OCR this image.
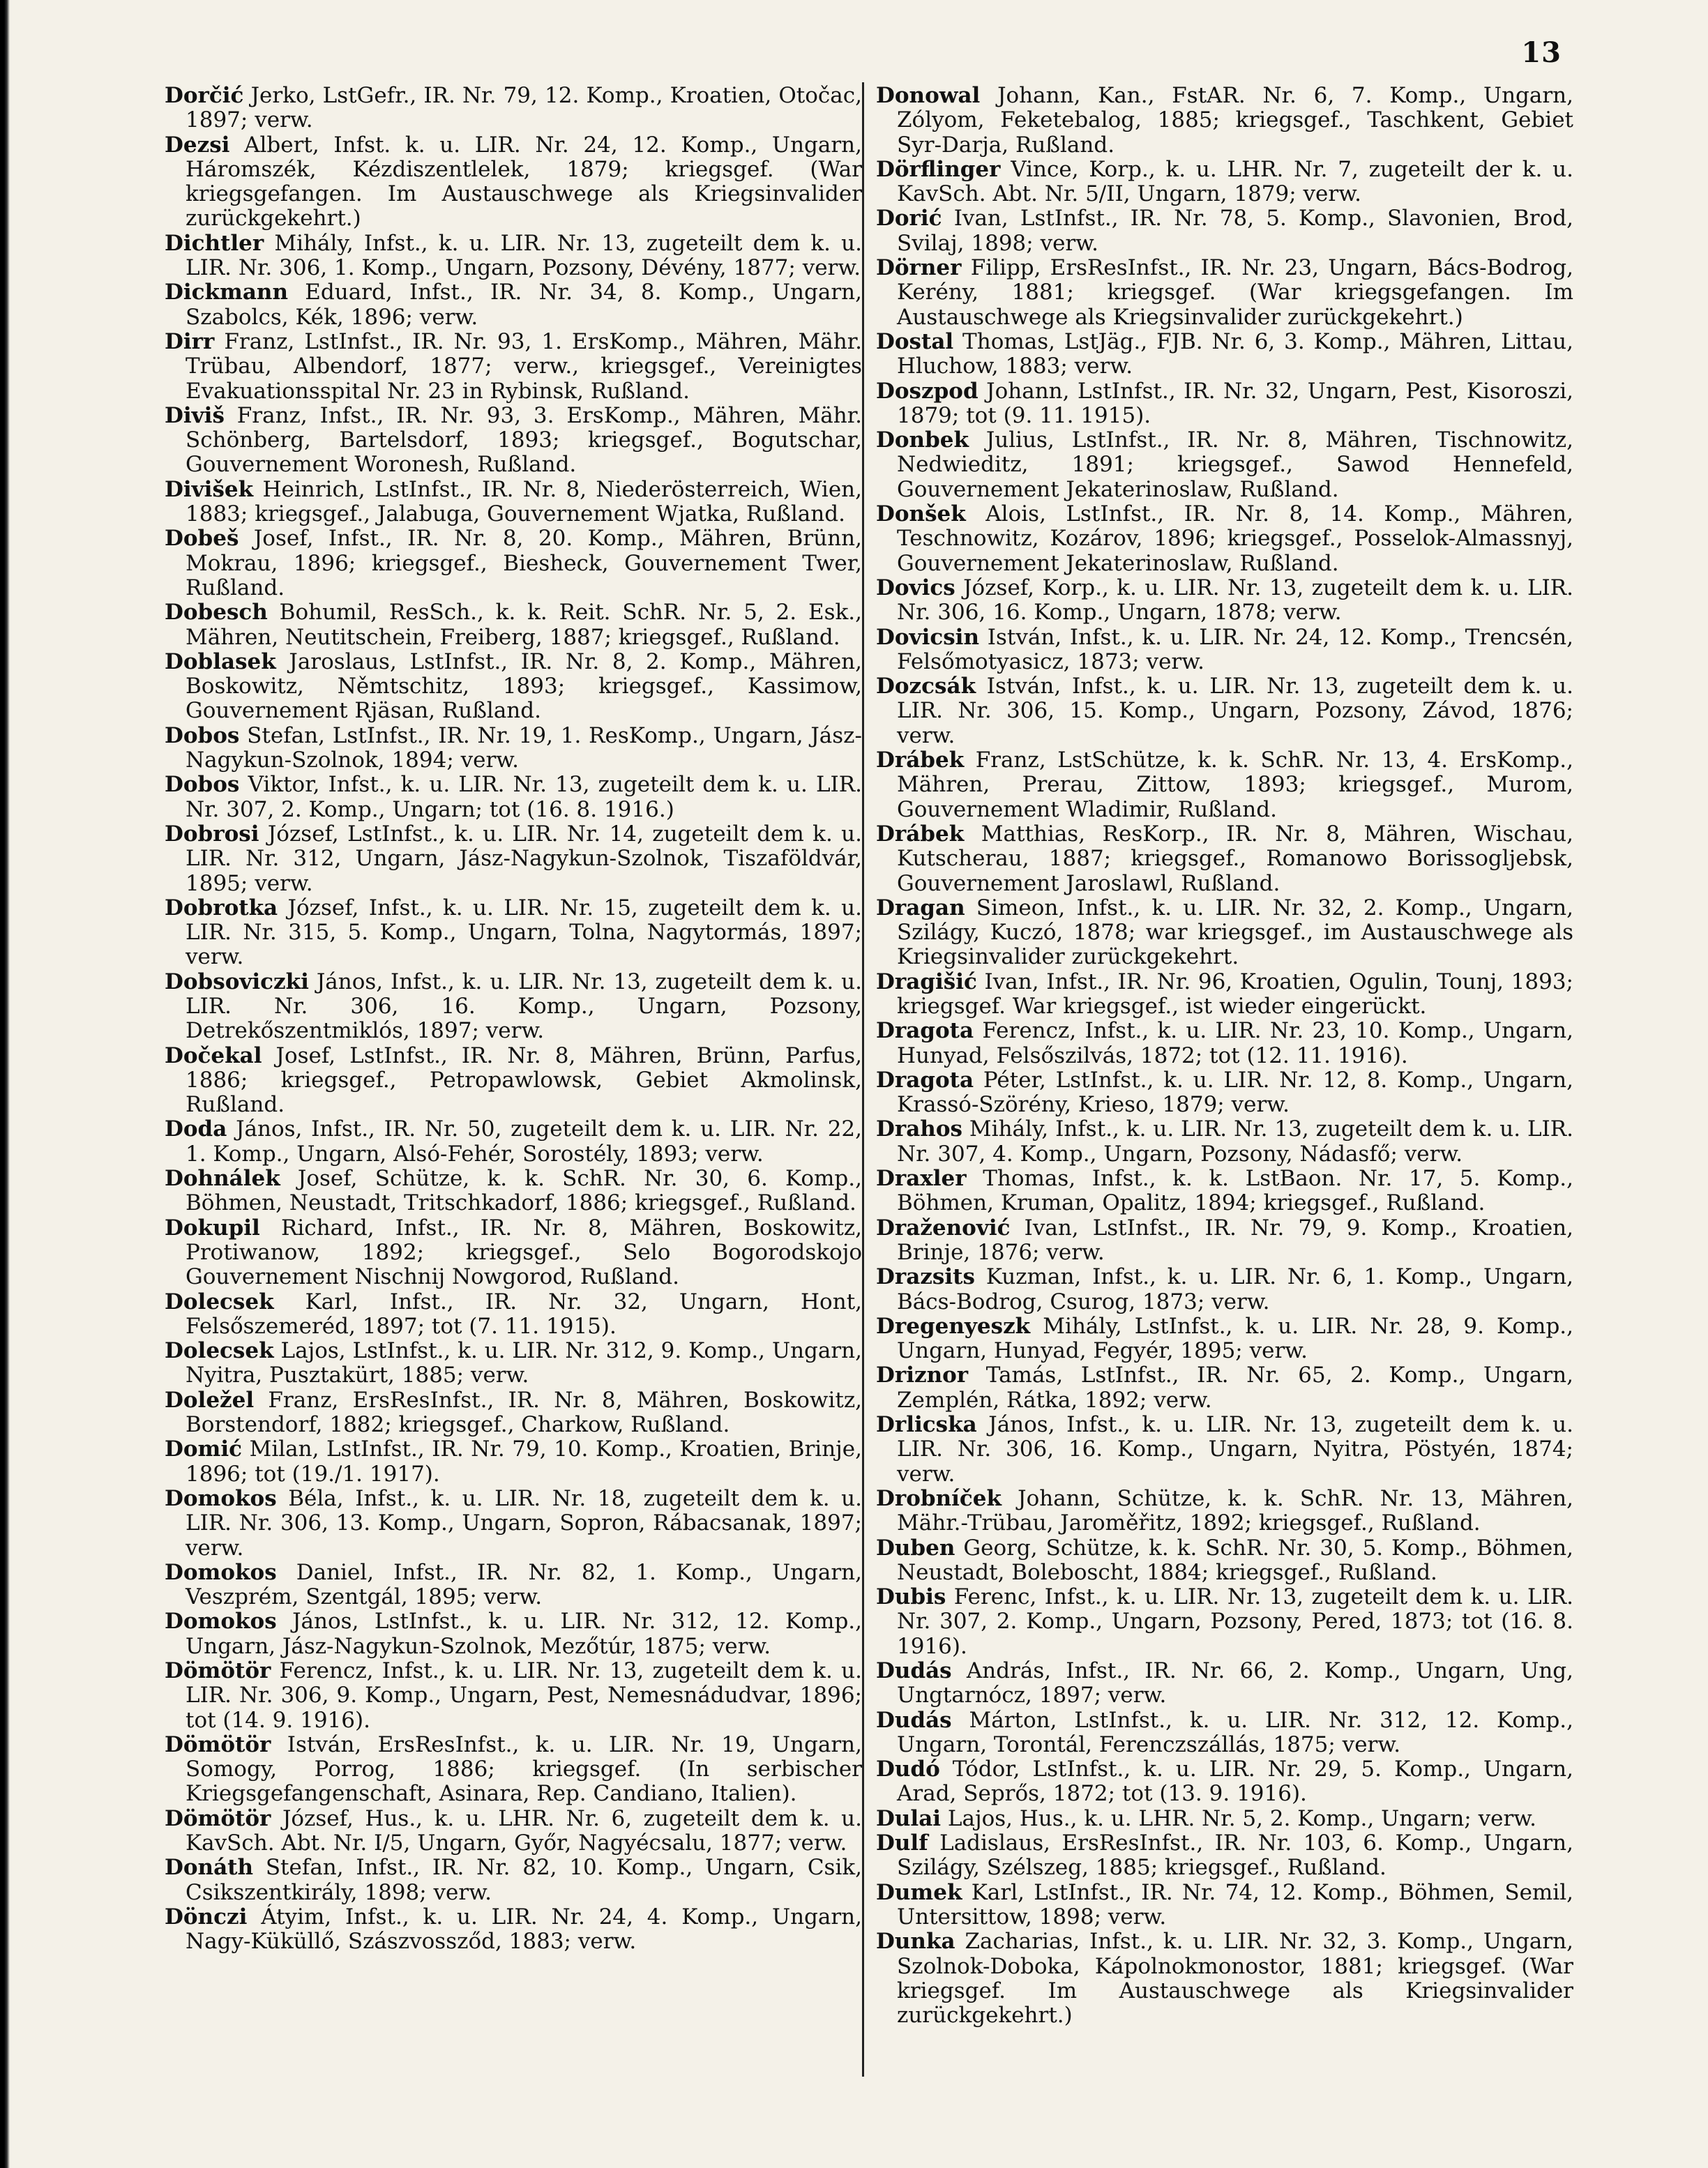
13
Dorčić Jerko, LstGefr., IR. Nr. 79, 12. Komp., Kroatien, Otočac, 1897; verw.
Dezsi Albert, Infst. k. u. LIR. Nr. 24, 12. Komp., Ungarn, Háromszék, Kézdiszentlelek, 1879; kriegsgef. (War kriegsgefangen. Im Austauschwege als Kriegsinvalider zurückgekehrt.)
Dichtler Mihály, Infst., k. u. LIR. Nr. 13, zugeteilt dem k. u. LIR. Nr. 306, 1. Komp., Ungarn, Pozsony, Dévény, 1877; verw.
Dickmann Eduard, Infst., IR. Nr. 34, 8. Komp., Ungarn, Szabolcs, Kék, 1896; verw.
Dirr Franz, LstInfst., IR. Nr. 93, 1. ErsKomp., Mähren, Mähr. Trübau, Albendorf, 1877; verw., kriegsgef., Vereinigtes Evakuationsspital Nr. 23 in Rybinsk, Rußland.
Diviš Franz, Infst., IR. Nr. 93, 3. ErsKomp., Mähren, Mähr. Schönberg, Bartelsdorf, 1893; kriegsgef., Bogutschar, Gouvernement Woronesh, Rußland.
Divišek Heinrich, LstInfst., IR. Nr. 8, Niederösterreich, Wien, 1883; kriegsgef., Jalabuga, Gouvernement Wjatka, Rußland.
Dobeš Josef, Infst., IR. Nr. 8, 20. Komp., Mähren, Brünn, Mokrau, 1896; kriegsgef., Biesheck, Gouvernement Twer, Rußland.
Dobesch Bohumil, ResSch., k. k. Reit. SchR. Nr. 5, 2. Esk., Mähren, Neutitschein, Freiberg, 1887; kriegsgef., Rußland.
Doblasek Jaroslaus, LstInfst., IR. Nr. 8, 2. Komp., Mähren, Boskowitz, Němtschitz, 1893; kriegsgef., Kassimow, Gouvernement Rjäsan, Rußland.
Dobos Stefan, LstInfst., IR. Nr. 19, 1. ResKomp., Ungarn, Jász-Nagykun-Szolnok, 1894; verw.
Dobos Viktor, Infst., k. u. LIR. Nr. 13, zugeteilt dem k. u. LIR. Nr. 307, 2. Komp., Ungarn; tot (16. 8. 1916.)
Dobrosi József, LstInfst., k. u. LIR. Nr. 14, zugeteilt dem k. u. LIR. Nr. 312, Ungarn, Jász-Nagykun-Szolnok, Tiszaföldvár, 1895; verw.
Dobrotka József, Infst., k. u. LIR. Nr. 15, zugeteilt dem k. u. LIR. Nr. 315, 5. Komp., Ungarn, Tolna, Nagytormás, 1897; verw.
Dobsoviczki János, Infst., k. u. LIR. Nr. 13, zugeteilt dem k. u. LIR. Nr. 306, 16. Komp., Ungarn, Pozsony, Detrekőszentmiklós, 1897; verw.
Dočekal Josef, LstInfst., IR. Nr. 8, Mähren, Brünn, Parfus, 1886; kriegsgef., Petropawlowsk, Gebiet Akmolinsk, Rußland.
Doda János, Infst., IR. Nr. 50, zugeteilt dem k. u. LIR. Nr. 22, 1. Komp., Ungarn, Alsó-Fehér, Sorostély, 1893; verw.
Dohnálek Josef, Schütze, k. k. SchR. Nr. 30, 6. Komp., Böhmen, Neustadt, Tritschkadorf, 1886; kriegsgef., Rußland.
Dokupil Richard, Infst., IR. Nr. 8, Mähren, Boskowitz, Protiwanow, 1892; kriegsgef., Selo Bogorodskojo Gouvernement Nischnij Nowgorod, Rußland.
Dolecsek Karl, Infst., IR. Nr. 32, Ungarn, Hont, Felsőszemeréd, 1897; tot (7. 11. 1915).
Dolecsek Lajos, LstInfst., k. u. LIR. Nr. 312, 9. Komp., Ungarn, Nyitra, Pusztakürt, 1885; verw.
Doležel Franz, ErsResInfst., IR. Nr. 8, Mähren, Boskowitz, Borstendorf, 1882; kriegsgef., Charkow, Rußland.
Domić Milan, LstInfst., IR. Nr. 79, 10. Komp., Kroatien, Brinje, 1896; tot (19./1. 1917).
Domokos Béla, Infst., k. u. LIR. Nr. 18, zugeteilt dem k. u. LIR. Nr. 306, 13. Komp., Ungarn, Sopron, Rábacsanak, 1897; verw.
Domokos Daniel, Infst., IR. Nr. 82, 1. Komp., Ungarn, Veszprém, Szentgál, 1895; verw.
Domokos János, LstInfst., k. u. LIR. Nr. 312, 12. Komp., Ungarn, Jász-Nagykun-Szolnok, Mezőtúr, 1875; verw.
Dömötör Ferencz, Infst., k. u. LIR. Nr. 13, zugeteilt dem k. u. LIR. Nr. 306, 9. Komp., Ungarn, Pest, Nemesnádudvar, 1896; tot (14. 9. 1916).
Dömötör István, ErsResInfst., k. u. LIR. Nr. 19, Ungarn, Somogy, Porrog, 1886; kriegsgef. (In serbischer Kriegsgefangenschaft, Asinara, Rep. Candiano, Italien).
Dömötör József, Hus., k. u. LHR. Nr. 6, zugeteilt dem k. u. KavSch. Abt. Nr. I/5, Ungarn, Győr, Nagyécsalu, 1877; verw.
Donáth Stefan, Infst., IR. Nr. 82, 10. Komp., Ungarn, Csik, Csikszentkirály, 1898; verw.
Dönczi Átyim, Infst., k. u. LIR. Nr. 24, 4. Komp., Ungarn, Nagy-Küküllő, Szászvossződ, 1883; verw.
Donowal Johann, Kan., FstAR. Nr. 6, 7. Komp., Ungarn, Zólyom, Feketebalog, 1885; kriegsgef., Taschkent, Gebiet Syr-Darja, Rußland.
Dörflinger Vince, Korp., k. u. LHR. Nr. 7, zugeteilt der k. u. KavSch. Abt. Nr. 5/II, Ungarn, 1879; verw.
Dorić Ivan, LstInfst., IR. Nr. 78, 5. Komp., Slavonien, Brod, Svilaj, 1898; verw.
Dörner Filipp, ErsResInfst., IR. Nr. 23, Ungarn, Bács-Bodrog, Kerény, 1881; kriegsgef. (War kriegsgefangen. Im Austauschwege als Kriegsinvalider zurückgekehrt.)
Dostal Thomas, LstJäg., FJB. Nr. 6, 3. Komp., Mähren, Littau, Hluchow, 1883; verw.
Doszpod Johann, LstInfst., IR. Nr. 32, Ungarn, Pest, Kisoroszi, 1879; tot (9. 11. 1915).
Donbek Julius, LstInfst., IR. Nr. 8, Mähren, Tischnowitz, Nedwieditz, 1891; kriegsgef., Sawod Hennefeld, Gouvernement Jekaterinoslaw, Rußland.
Donšek Alois, LstInfst., IR. Nr. 8, 14. Komp., Mähren, Teschnowitz, Kozárov, 1896; kriegsgef., Posselok-Almassnyj, Gouvernement Jekaterinoslaw, Rußland.
Dovics József, Korp., k. u. LIR. Nr. 13, zugeteilt dem k. u. LIR. Nr. 306, 16. Komp., Ungarn, 1878; verw.
Dovicsin István, Infst., k. u. LIR. Nr. 24, 12. Komp., Trencsén, Felsőmotyasicz, 1873; verw.
Dozcsák István, Infst., k. u. LIR. Nr. 13, zugeteilt dem k. u. LIR. Nr. 306, 15. Komp., Ungarn, Pozsony, Závod, 1876; verw.
Drábek Franz, LstSchütze, k. k. SchR. Nr. 13, 4. ErsKomp., Mähren, Prerau, Zittow, 1893; kriegsgef., Murom, Gouvernement Wladimir, Rußland.
Drábek Matthias, ResKorp., IR. Nr. 8, Mähren, Wischau, Kutscherau, 1887; kriegsgef., Romanowo Borissogljebsk, Gouvernement Jaroslawl, Rußland.
Dragan Simeon, Infst., k. u. LIR. Nr. 32, 2. Komp., Ungarn, Szilágy, Kuczó, 1878; war kriegsgef., im Austauschwege als Kriegsinvalider zurückgekehrt.
Dragišić Ivan, Infst., IR. Nr. 96, Kroatien, Ogulin, Tounj, 1893; kriegsgef. War kriegsgef., ist wieder eingerückt.
Dragota Ferencz, Infst., k. u. LIR. Nr. 23, 10. Komp., Ungarn, Hunyad, Felsőszilvás, 1872; tot (12. 11. 1916).
Dragota Péter, LstInfst., k. u. LIR. Nr. 12, 8. Komp., Ungarn, Krassó-Szörény, Krieso, 1879; verw.
Drahos Mihály, Infst., k. u. LIR. Nr. 13, zugeteilt dem k. u. LIR. Nr. 307, 4. Komp., Ungarn, Pozsony, Nádasfő; verw.
Draxler Thomas, Infst., k. k. LstBaon. Nr. 17, 5. Komp., Böhmen, Kruman, Opalitz, 1894; kriegsgef., Rußland.
Draženović Ivan, LstInfst., IR. Nr. 79, 9. Komp., Kroatien, Brinje, 1876; verw.
Drazsits Kuzman, Infst., k. u. LIR. Nr. 6, 1. Komp., Ungarn, Bács-Bodrog, Csurog, 1873; verw.
Dregenyeszk Mihály, LstInfst., k. u. LIR. Nr. 28, 9. Komp., Ungarn, Hunyad, Fegyér, 1895; verw.
Driznor Tamás, LstInfst., IR. Nr. 65, 2. Komp., Ungarn, Zemplén, Rátka, 1892; verw.
Drlicska János, Infst., k. u. LIR. Nr. 13, zugeteilt dem k. u. LIR. Nr. 306, 16. Komp., Ungarn, Nyitra, Pöstyén, 1874; verw.
Drobníček Johann, Schütze, k. k. SchR. Nr. 13, Mähren, Mähr.-Trübau, Jaroměřitz, 1892; kriegsgef., Rußland.
Duben Georg, Schütze, k. k. SchR. Nr. 30, 5. Komp., Böhmen, Neustadt, Boleboscht, 1884; kriegsgef., Rußland.
Dubis Ferenc, Infst., k. u. LIR. Nr. 13, zugeteilt dem k. u. LIR. Nr. 307, 2. Komp., Ungarn, Pozsony, Pered, 1873; tot (16. 8. 1916).
Dudás András, Infst., IR. Nr. 66, 2. Komp., Ungarn, Ung, Ungtarnócz, 1897; verw.
Dudás Márton, LstInfst., k. u. LIR. Nr. 312, 12. Komp., Ungarn, Torontál, Ferenczszállás, 1875; verw.
Dudó Tódor, LstInfst., k. u. LIR. Nr. 29, 5. Komp., Ungarn, Arad, Seprős, 1872; tot (13. 9. 1916).
Dulai Lajos, Hus., k. u. LHR. Nr. 5, 2. Komp., Ungarn; verw.
Dulf Ladislaus, ErsResInfst., IR. Nr. 103, 6. Komp., Ungarn, Szilágy, Szélszeg, 1885; kriegsgef., Rußland.
Dumek Karl, LstInfst., IR. Nr. 74, 12. Komp., Böhmen, Semil, Untersittow, 1898; verw.
Dunka Zacharias, Infst., k. u. LIR. Nr. 32, 3. Komp., Ungarn, Szolnok-Doboka, Kápolnokmonostor, 1881; kriegsgef. (War kriegsgef. Im Austauschwege als Kriegsinvalider zurückgekehrt.)
